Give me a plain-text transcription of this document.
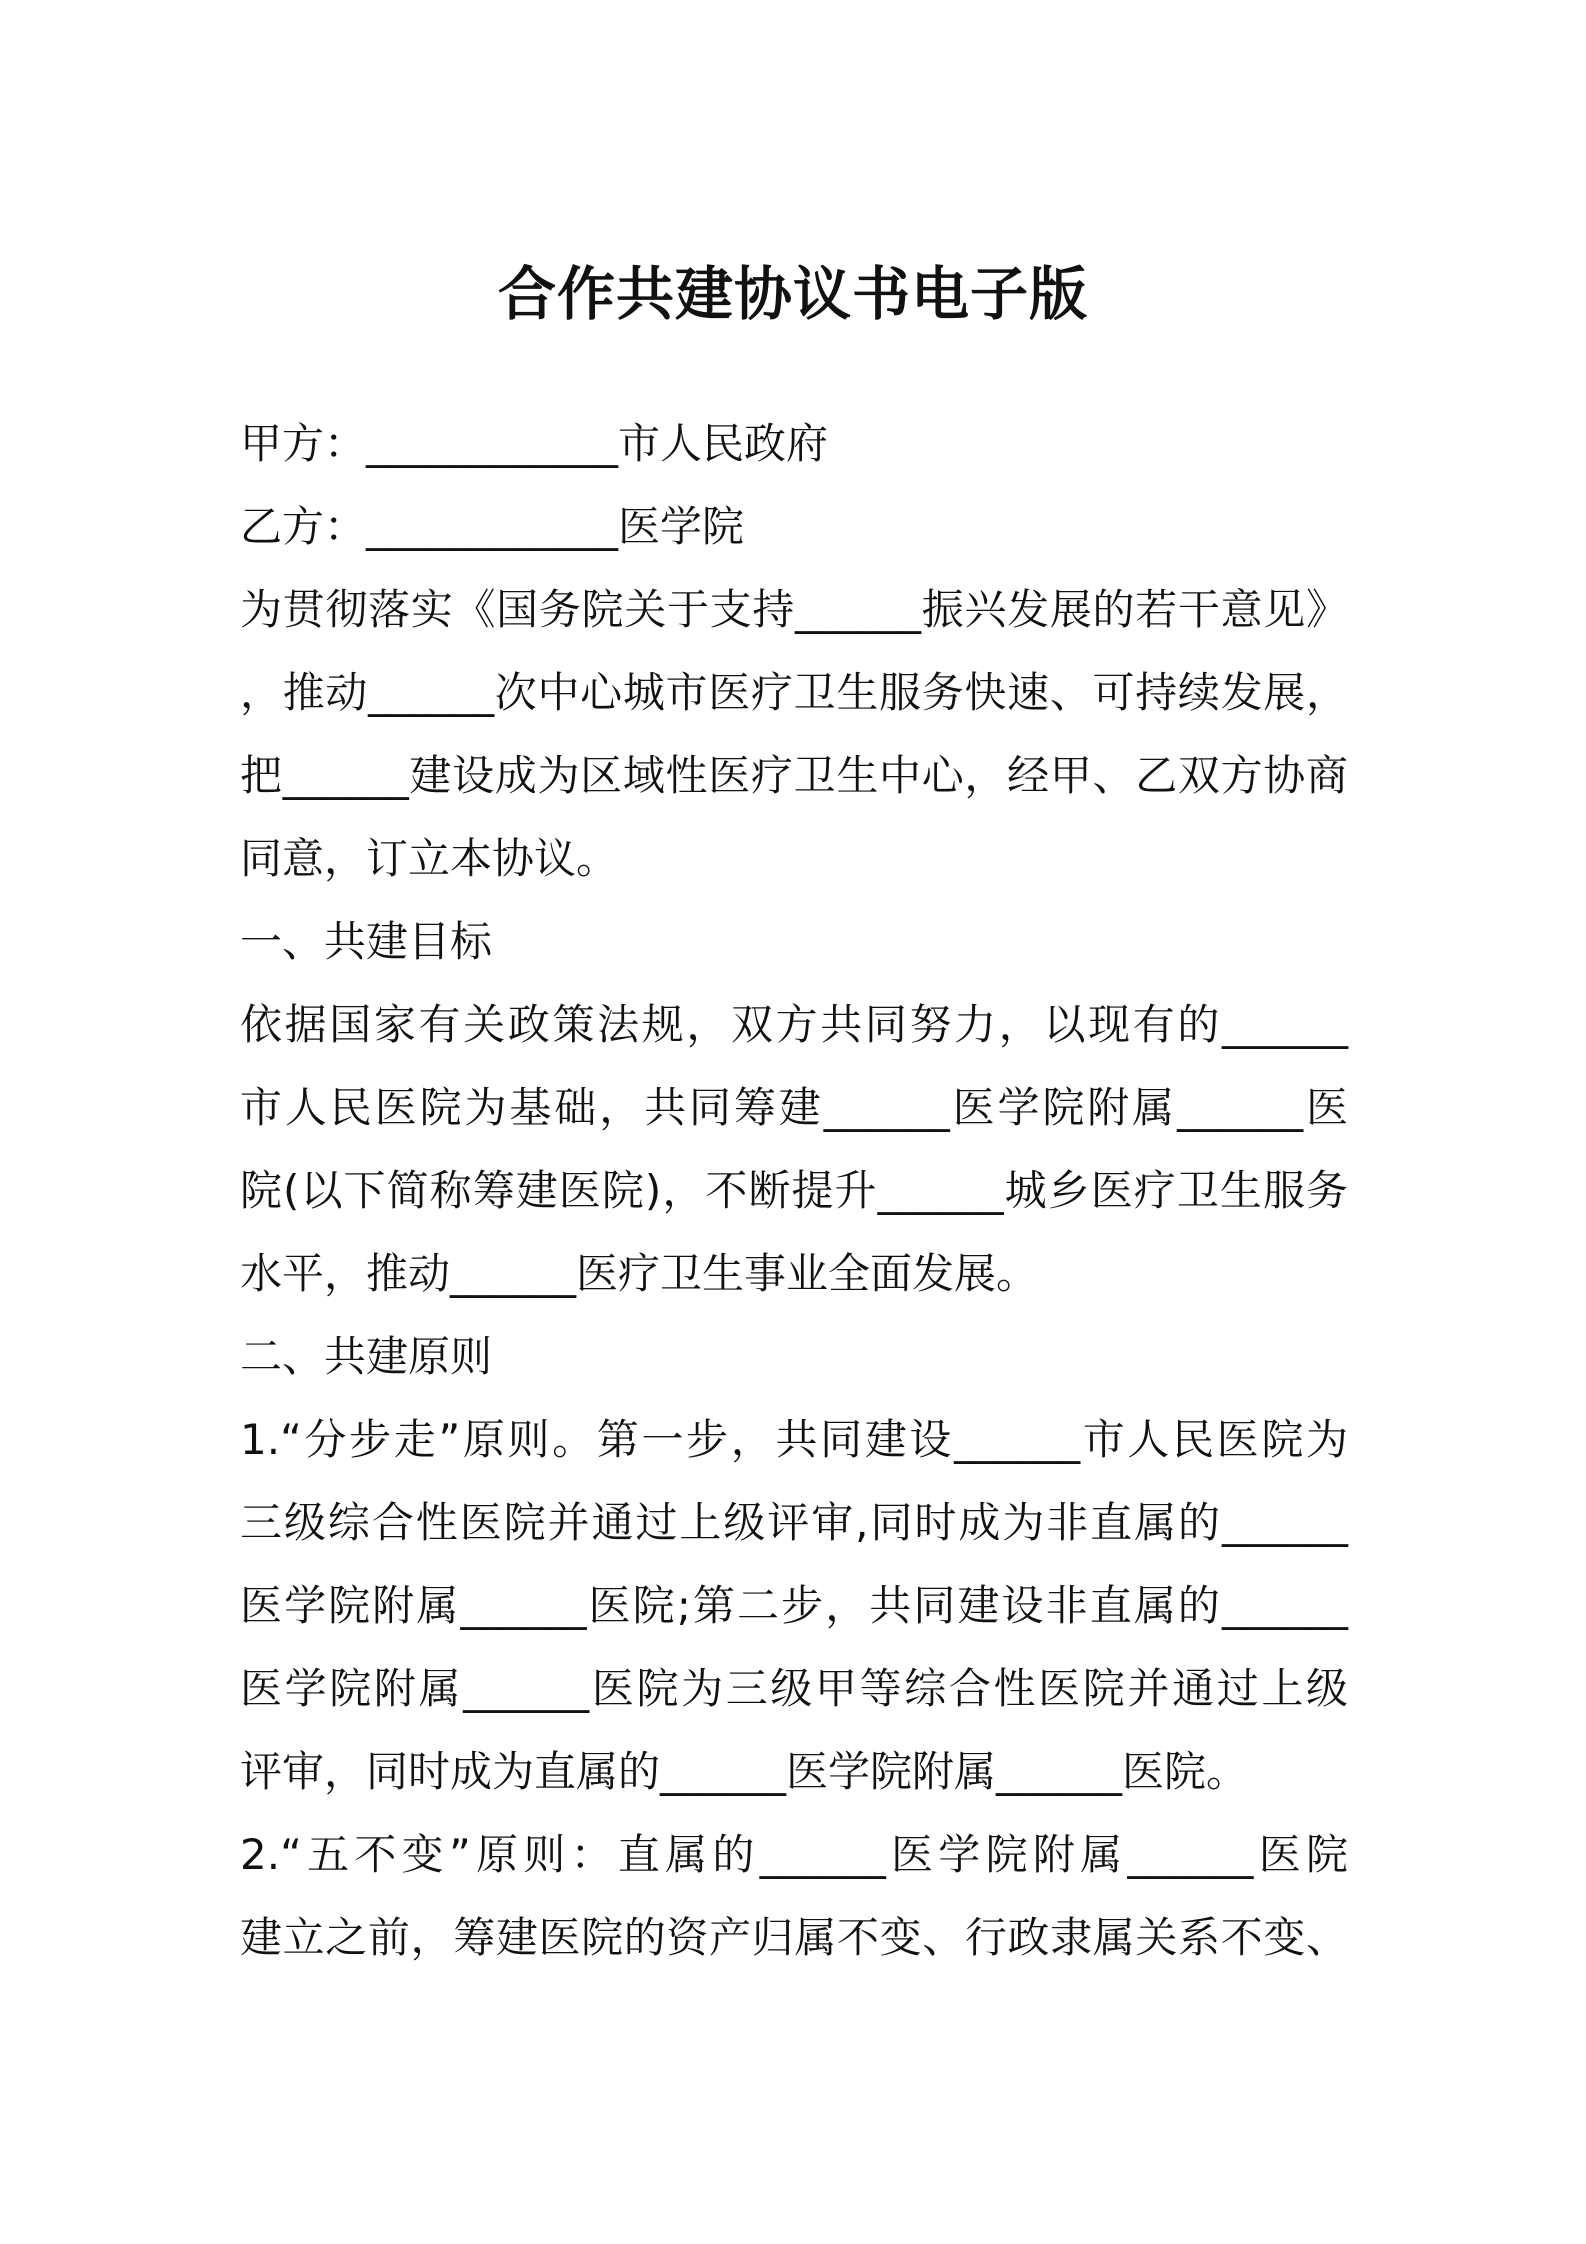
合作共建协议书电子版
甲方：____________市人民政府
乙方：____________医学院
为贯彻落实《国务院关于支持______振兴发展的若干意见》
，推动______次中心城市医疗卫生服务快速、可持续发展，
把______建设成为区域性医疗卫生中心，经甲、乙双方协商
同意，订立本协议。
一、共建目标
依据国家有关政策法规，双方共同努力，以现有的______
市人民医院为基础，共同筹建______医学院附属______医
院(以下简称筹建医院)，不断提升______城乡医疗卫生服务
水平，推动______医疗卫生事业全面发展。
二、共建原则
1.“分步走”原则。第一步，共同建设______市人民医院为
三级综合性医院并通过上级评审,同时成为非直属的______
医学院附属______医院;第二步，共同建设非直属的______
医学院附属______医院为三级甲等综合性医院并通过上级
评审，同时成为直属的______医学院附属______医院。
2.“五不变”原则：直属的______医学院附属______医院
建立之前，筹建医院的资产归属不变、行政隶属关系不变、
